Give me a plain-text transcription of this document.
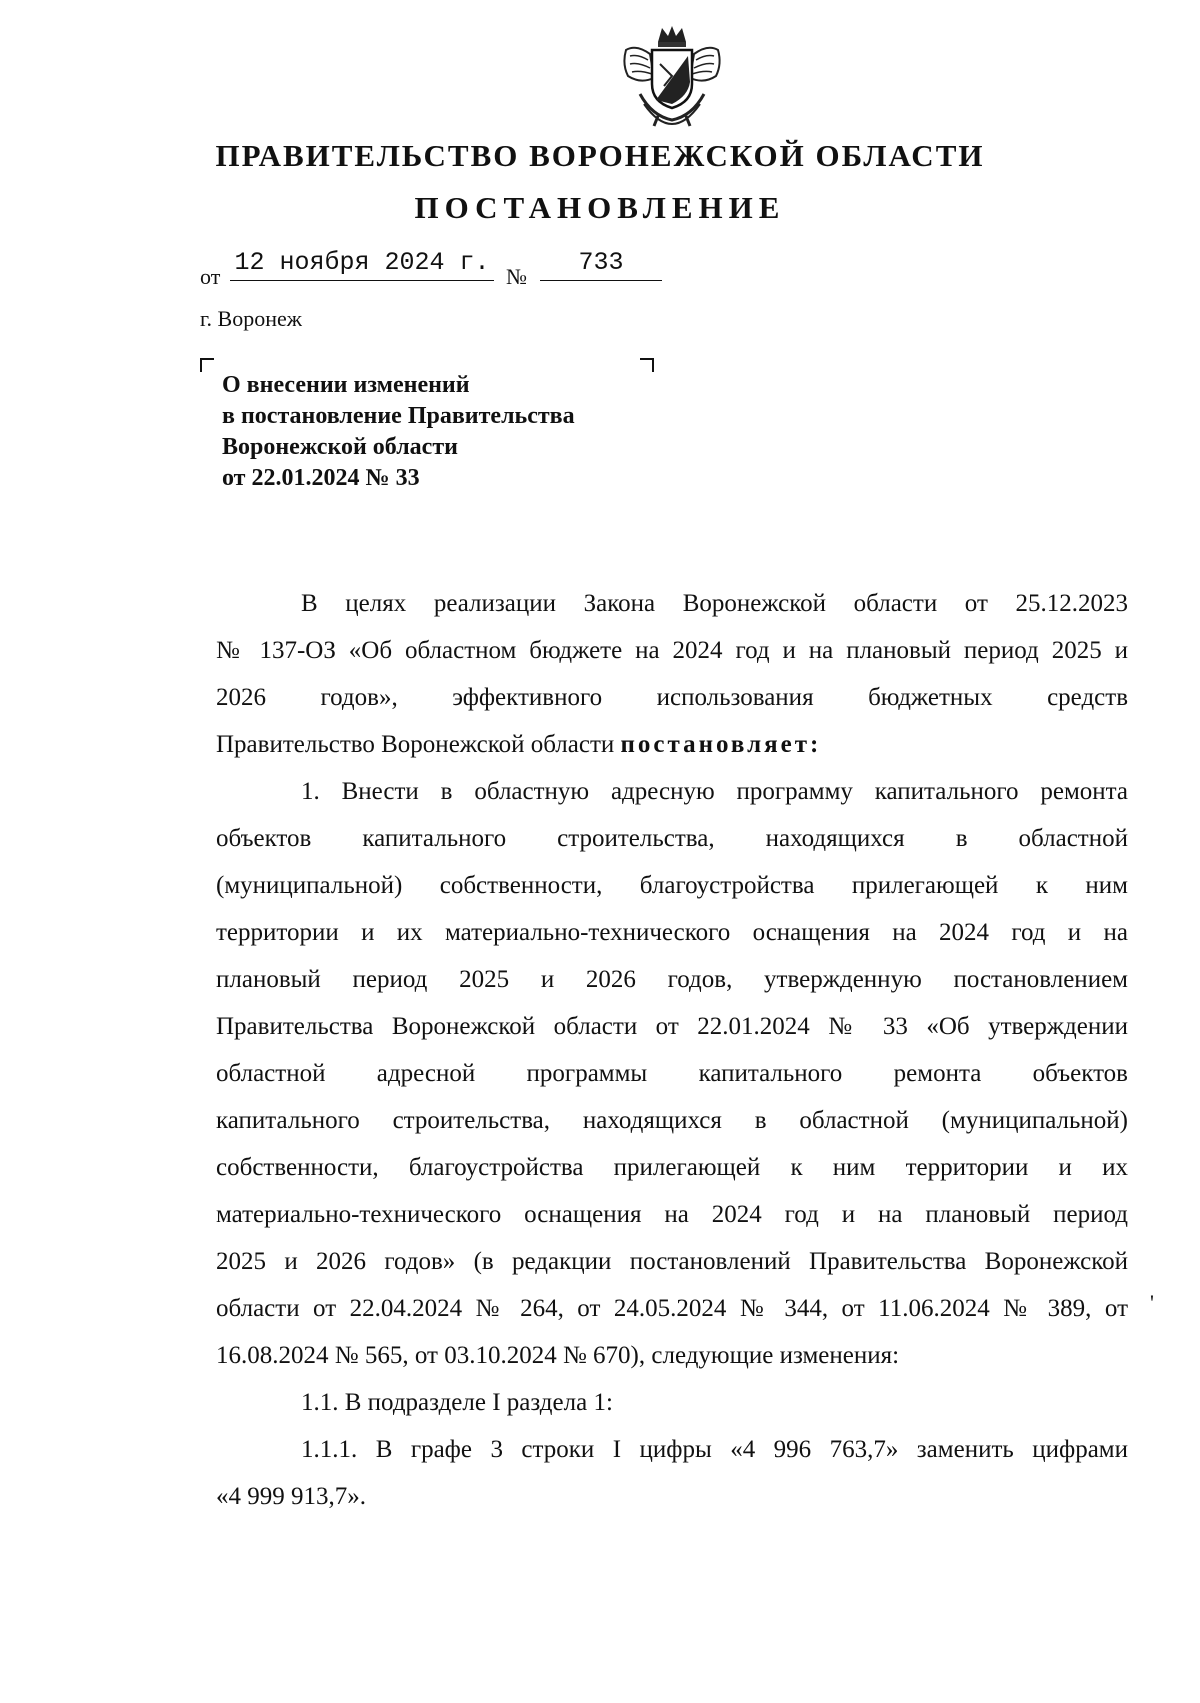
ПРАВИТЕЛЬСТВО ВОРОНЕЖСКОЙ ОБЛАСТИ
ПОСТАНОВЛЕНИЕ
от 12 ноября 2024 г. №	733
г. Воронеж
О внесении изменений
в постановление Правительства
Воронежской области
от 22.01.2024 № 33
В целях реализации Закона Воронежской области от 25.12.2023
№ 137-ОЗ «Об областном бюджете на 2024 год и на плановый период 2025 и
2026 годов», эффективного использования бюджетных средств
Правительство Воронежской области постановляет:
1. Внести в областную адресную программу капитального ремонта
объектов капитального строительства, находящихся в областной
(муниципальной) собственности, благоустройства прилегающей к ним
территории и их материально-технического оснащения на 2024 год и на
плановый период 2025 и 2026 годов, утвержденную постановлением
Правительства Воронежской области от 22.01.2024 № 33 «Об утверждении
областной адресной программы капитального ремонта объектов
капитального строительства, находящихся в областной (муниципальной)
собственности, благоустройства прилегающей к ним территории и их
материально-технического оснащения на 2024 год и на плановый период
2025 и 2026 годов» (в редакции постановлений Правительства Воронежской
области от 22.04.2024 № 264, от 24.05.2024 № 344, от 11.06.2024 № 389, от
16.08.2024 № 565, от 03.10.2024 № 670), следующие изменения:
1.1. В подразделе I раздела 1:
1.1.1. В графе 3 строки I цифры «4 996 763,7» заменить цифрами
«4 999 913,7».
'
